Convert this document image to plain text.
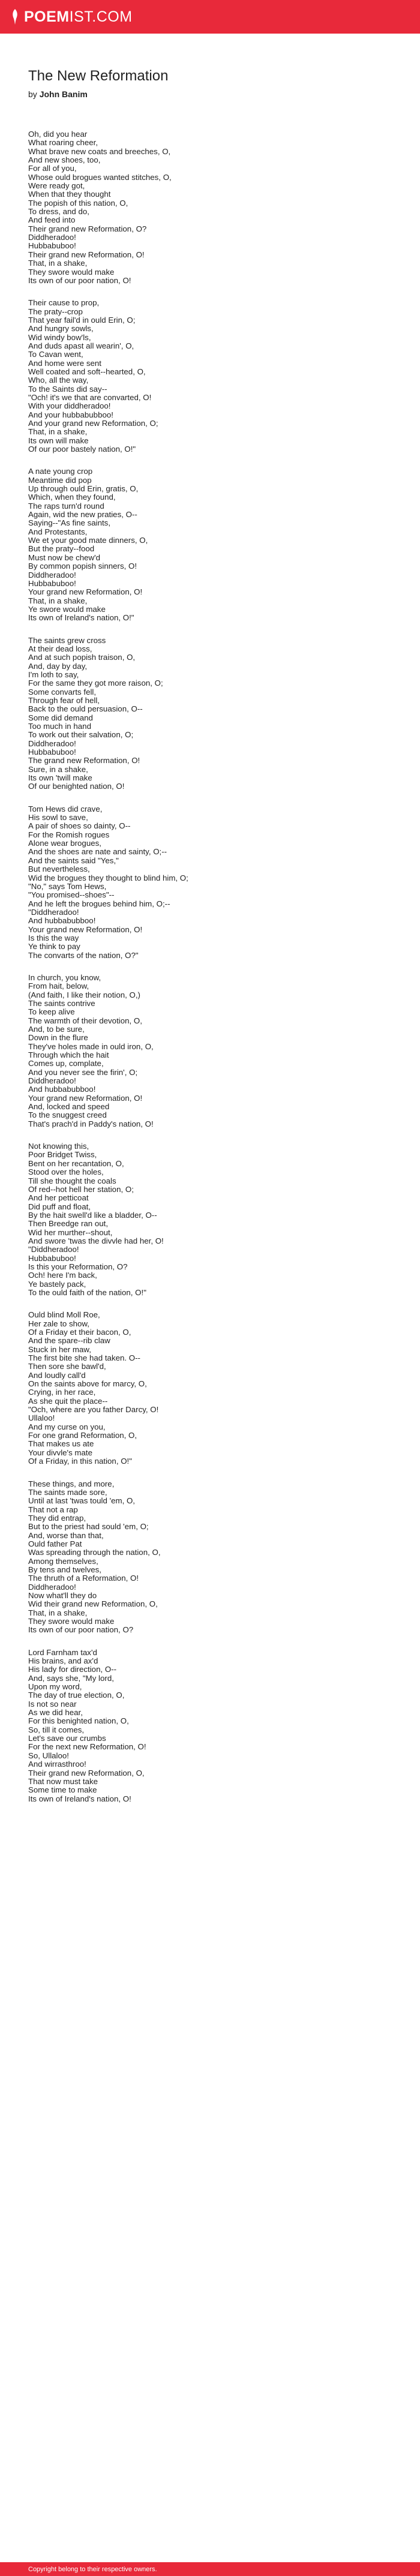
POEM IST.COM
The New Reformation
by John Banim
Oh, did you hear
What roaring cheer,
What brave new coats and breeches, O,
And new shoes, too,
For all of you,
Whose ould brogues wanted stitches, O,
Were ready got,
When that they thought
The popish of this nation, O,
To dress, and do,
And feed into
Their grand new Reformation, O?
Diddheradoo!
Hubbabuboo!
Their grand new Reformation, O!
That, in a shake,
They swore would make
Its own of our poor nation, O!
Their cause to prop,
The praty--crop
That year fail'd in ould Erin, O;
And hungry sowls,
Wid windy bow'ls,
And duds apast all wearin', O,
To Cavan went,
And home were sent
Well coated and soft--hearted, O,
Who, all the way,
To the Saints did say--
"Och! it's we that are convarted, O!
With your diddheradoo!
And your hubbabubboo!
And your grand new Reformation, O;
That, in a shake,
Its own will make
Of our poor bastely nation, O!"
A nate young crop
Meantime did pop
Up through ould Erin, gratis, O,
Which, when they found,
The raps turn'd round
Again, wid the new praties, O--
Saying--"As fine saints,
And Protestants,
We et your good mate dinners, O,
But the praty--food
Must now be chew'd
By common popish sinners, O!
Diddheradoo!
Hubbabuboo!
Your grand new Reformation, O!
That, in a shake,
Ye swore would make
Its own of Ireland's nation, O!"
The saints grew cross
At their dead loss,
And at such popish traison, O,
And, day by day,
I'm loth to say,
For the same they got more raison, O;
Some convarts fell,
Through fear of hell,
Back to the ould persuasion, O--
Some did demand
Too much in hand
To work out their salvation, O;
Diddheradoo!
Hubbabuboo!
The grand new Reformation, O!
Sure, in a shake,
Its own 'twill make
Of our benighted nation, O!
Tom Hews did crave,
His sowl to save,
A pair of shoes so dainty, O--
For the Romish rogues
Alone wear brogues,
And the shoes are nate and sainty, O;--
And the saints said "Yes,"
But nevertheless,
Wid the brogues they thought to blind him, O;
"No," says Tom Hews,
"You promised--shoes"--
And he left the brogues behind him, O;--
"Diddheradoo!
And hubbabubboo!
Your grand new Reformation, O!
Is this the way
Ye think to pay
The convarts of the nation, O?"
In church, you know,
From hait, below,
(And faith, I like their notion, O,)
The saints contrive
To keep alive
The warmth of their devotion, O,
And, to be sure,
Down in the flure
They've holes made in ould iron, O,
Through which the hait
Comes up, complate,
And you never see the firin', O;
Diddheradoo!
And hubbabubboo!
Your grand new Reformation, O!
And, locked and speed
To the snuggest creed
That's prach'd in Paddy's nation, O!
Not knowing this,
Poor Bridget Twiss,
Bent on her recantation, O,
Stood over the holes,
Till she thought the coals
Of red--hot hell her station, O;
And her petticoat
Did puff and float,
By the hait swell'd like a bladder, O--
Then Breedge ran out,
Wid her murther--shout,
And swore 'twas the divvle had her, O!
"Diddheradoo!
Hubbabuboo!
Is this your Reformation, O?
Och! here I'm back,
Ye bastely pack,
To the ould faith of the nation, O!"
Ould blind Moll Roe,
Her zale to show,
Of a Friday et their bacon, O,
And the spare--rib claw
Stuck in her maw,
The first bite she had taken. O--
Then sore she bawl'd,
And loudly call'd
On the saints above for marcy, O,
Crying, in her race,
As she quit the place--
"Och, where are you father Darcy, O!
Ullaloo!
And my curse on you,
For one grand Reformation, O,
That makes us ate
Your divvle's mate
Of a Friday, in this nation, O!"
These things, and more,
The saints made sore,
Until at last 'twas tould 'em, O,
That not a rap
They did entrap,
But to the priest had sould 'em, O;
And, worse than that,
Ould father Pat
Was spreading through the nation, O,
Among themselves,
By tens and twelves,
The thruth of a Reformation, O!
Diddheradoo!
Now what'll they do
Wid their grand new Reformation, O,
That, in a shake,
They swore would make
Its own of our poor nation, O?
Lord Farnham tax'd
His brains, and ax'd
His lady for direction, O--
And, says she, "My lord,
Upon my word,
The day of true election, O,
Is not so near
As we did hear,
For this benighted nation, O,
So, till it comes,
Let's save our crumbs
For the next new Reformation, O!
So, Ullaloo!
And wirrasthroo!
Their grand new Reformation, O,
That now must take
Some time to make
Its own of Ireland's nation, O!
Copyright belong to their respective owners.
